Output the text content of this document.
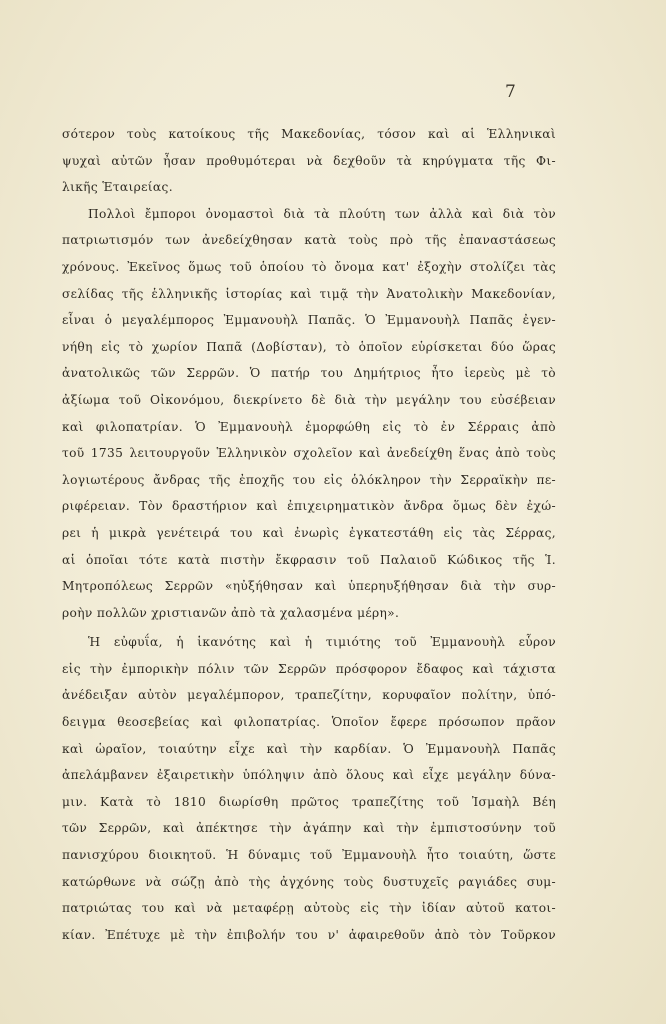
7
σότερον τοὺς κατοίκους τῆς Μακεδονίας, τόσον καὶ αἱ Ἑλληνικαὶ
ψυχαὶ αὐτῶν ἦσαν προθυμότεραι νὰ δεχθοῦν τὰ κηρύγματα τῆς Φι-
λικῆς Ἑταιρείας.
Πολλοὶ ἔμποροι ὀνομαστοὶ διὰ τὰ πλούτη των ἀλλὰ καὶ διὰ τὸν
πατριωτισμόν των ἀνεδείχθησαν κατὰ τοὺς πρὸ τῆς ἐπαναστάσεως
χρόνους. Ἐκεῖνος ὅμως τοῦ ὁποίου τὸ ὄνομα κατ' ἐξοχὴν στολίζει τὰς
σελίδας τῆς ἑλληνικῆς ἱστορίας καὶ τιμᾷ τὴν Ἀνατολικὴν Μακεδονίαν,
εἶναι ὁ μεγαλέμπορος Ἐμμανουὴλ Παπᾶς. Ὁ Ἐμμανουὴλ Παπᾶς ἐγεν-
νήθη εἰς τὸ χωρίον Παπᾶ (Δοβίσταν), τὸ ὁποῖον εὑρίσκεται δύο ὥρας
ἀνατολικῶς τῶν Σερρῶν. Ὁ πατήρ του Δημήτριος ἦτο ἱερεὺς μὲ τὸ
ἀξίωμα τοῦ Οἰκονόμου, διεκρίνετο δὲ διὰ τὴν μεγάλην του εὐσέβειαν
καὶ φιλοπατρίαν. Ὁ Ἐμμανουὴλ ἐμορφώθη εἰς τὸ ἐν Σέρραις ἀπὸ
τοῦ 1735 λειτουργοῦν Ἑλληνικὸν σχολεῖον καὶ ἀνεδείχθη ἕνας ἀπὸ τοὺς
λογιωτέρους ἄνδρας τῆς ἐποχῆς του εἰς ὁλόκληρον τὴν Σερραϊκὴν πε-
ριφέρειαν. Τὸν δραστήριον καὶ ἐπιχειρηματικὸν ἄνδρα ὅμως δὲν ἐχώ-
ρει ἡ μικρὰ γενέτειρά του καὶ ἐνωρὶς ἐγκατεστάθη εἰς τὰς Σέρρας,
αἱ ὁποῖαι τότε κατὰ πιστὴν ἔκφρασιν τοῦ Παλαιοῦ Κώδικος τῆς Ἱ.
Μητροπόλεως Σερρῶν «ηὐξήθησαν καὶ ὑπερηυξήθησαν διὰ τὴν συρ-
ροὴν πολλῶν χριστιανῶν ἀπὸ τὰ χαλασμένα μέρη».
Ἡ εὐφυΐα, ἡ ἱκανότης καὶ ἡ τιμιότης τοῦ Ἐμμανουὴλ εὗρον
εἰς τὴν ἐμπορικὴν πόλιν τῶν Σερρῶν πρόσφορον ἔδαφος καὶ τάχιστα
ἀνέδειξαν αὐτὸν μεγαλέμπορον, τραπεζίτην, κορυφαῖον πολίτην, ὑπό-
δειγμα θεοσεβείας καὶ φιλοπατρίας. Ὁποῖον ἔφερε πρόσωπον πρᾶον
καὶ ὡραῖον, τοιαύτην εἶχε καὶ τὴν καρδίαν. Ὁ Ἐμμανουὴλ Παπᾶς
ἀπελάμβανεν ἐξαιρετικὴν ὑπόληψιν ἀπὸ ὅλους καὶ εἶχε μεγάλην δύνα-
μιν. Κατὰ τὸ 1810 διωρίσθη πρῶτος τραπεζίτης τοῦ Ἰσμαὴλ Βέη
τῶν Σερρῶν, καὶ ἀπέκτησε τὴν ἀγάπην καὶ τὴν ἐμπιστοσύνην τοῦ
πανισχύρου διοικητοῦ. Ἡ δύναμις τοῦ Ἐμμανουὴλ ἦτο τοιαύτη, ὥστε
κατώρθωνε νὰ σώζῃ ἀπὸ τὴς ἀγχόνης τοὺς δυστυχεῖς ραγιάδες συμ-
πατριώτας του καὶ νὰ μεταφέρῃ αὐτοὺς εἰς τὴν ἰδίαν αὐτοῦ κατοι-
κίαν. Ἐπέτυχε μὲ τὴν ἐπιβολήν του ν' ἀφαιρεθοῦν ἀπὸ τὸν Τοῦρκον
